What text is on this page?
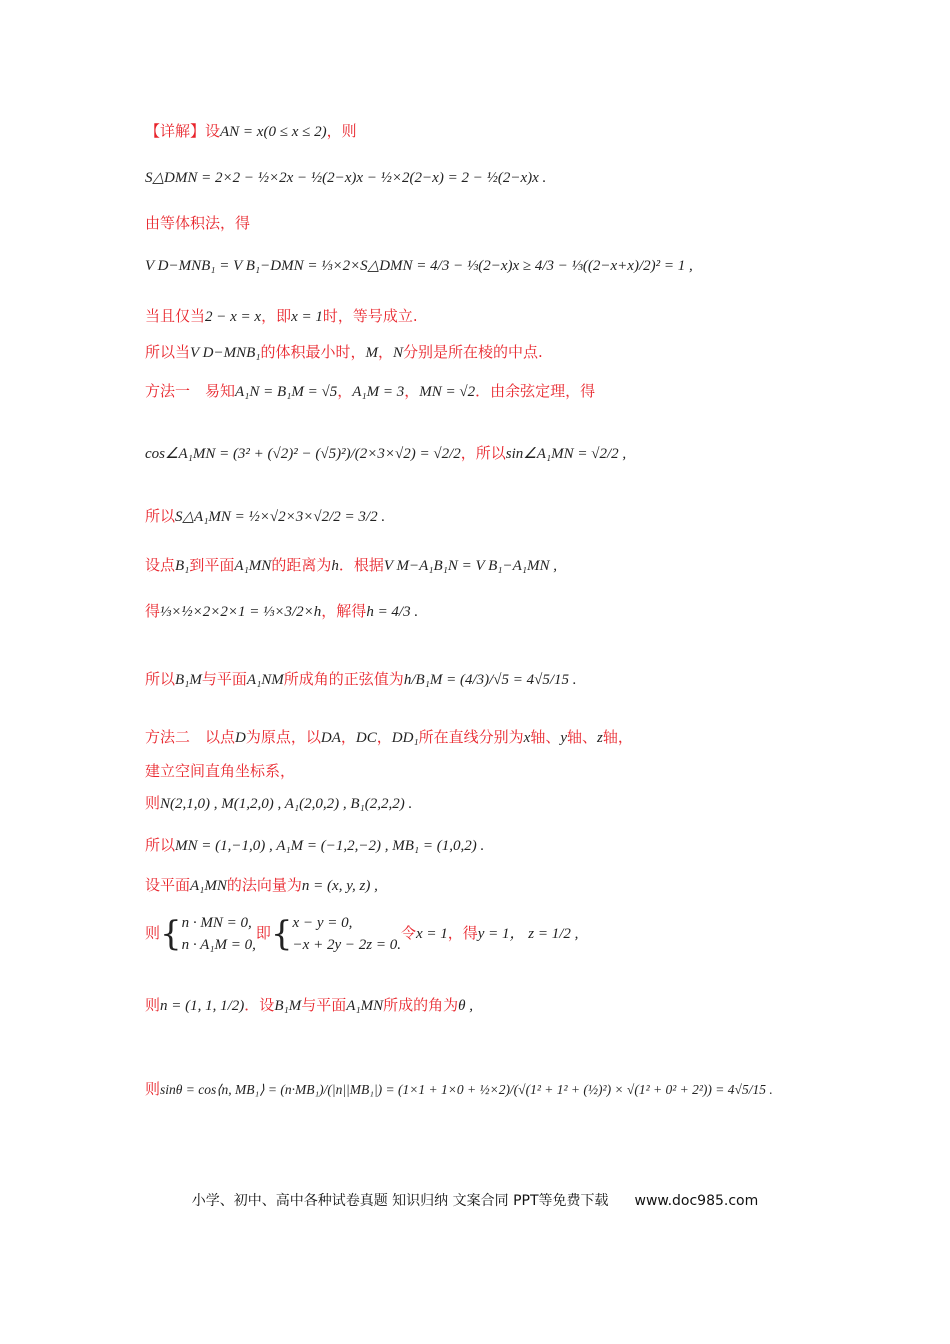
【详解】设AN = x(0 ≤ x ≤ 2)，则
S△DMN = 2×2 − ½×2x − ½(2−x)x − ½×2(2−x) = 2 − ½(2−x)x .
由等体积法，得
V D−MNB₁ = V B₁−DMN = ⅓×2×S△DMN = 4/3 − ⅓(2−x)x ≥ 4/3 − ⅓((2−x+x)/2)² = 1 ,
当且仅当2 − x = x，即x = 1时，等号成立.
所以当V D−MNB₁的体积最小时，M，N分别是所在棱的中点.
方法一　易知A₁N = B₁M = √5，A₁M = 3，MN = √2．由余弦定理，得
cos∠A₁MN = (3² + (√2)² − (√5)²)/(2×3×√2) = √2/2，所以sin∠A₁MN = √2/2 ,
所以S△A₁MN = ½×√2×3×√2/2 = 3/2 .
设点B₁到平面A₁MN的距离为h．根据V M−A₁B₁N = V B₁−A₁MN ,
得⅓×½×2×2×1 = ⅓×3/2×h，解得h = 4/3 .
所以B₁M与平面A₁NM所成角的正弦值为h/B₁M = (4/3)/√5 = 4√5/15 .
方法二　以点D为原点，以DA，DC，DD₁所在直线分别为x轴、y轴、z轴，
建立空间直角坐标系，
则N(2,1,0) , M(1,2,0) , A₁(2,0,2) , B₁(2,2,2) .
所以MN = (1,−1,0) , A₁M = (−1,2,−2) , MB₁ = (1,0,2) .
设平面A₁MN的法向量为n = (x, y, z) ,
则{ n · MN = 0,
n · A₁M = 0,
即{ x − y = 0,
−x + 2y − 2z = 0.
令x = 1，得y = 1， z = 1/2 ,
则n = (1, 1, 1/2)．设B₁M与平面A₁MN所成的角为θ ,
则sinθ = cos⟨n, MB₁⟩ = (n·MB₁)/(|n||MB₁|) = (1×1 + 1×0 + ½×2)/(√(1² + 1² + (½)²) × √(1² + 0² + 2²)) = 4√5/15 .
小学、初中、高中各种试卷真题 知识归纳 文案合同 PPT等免费下载 www.doc985.com
